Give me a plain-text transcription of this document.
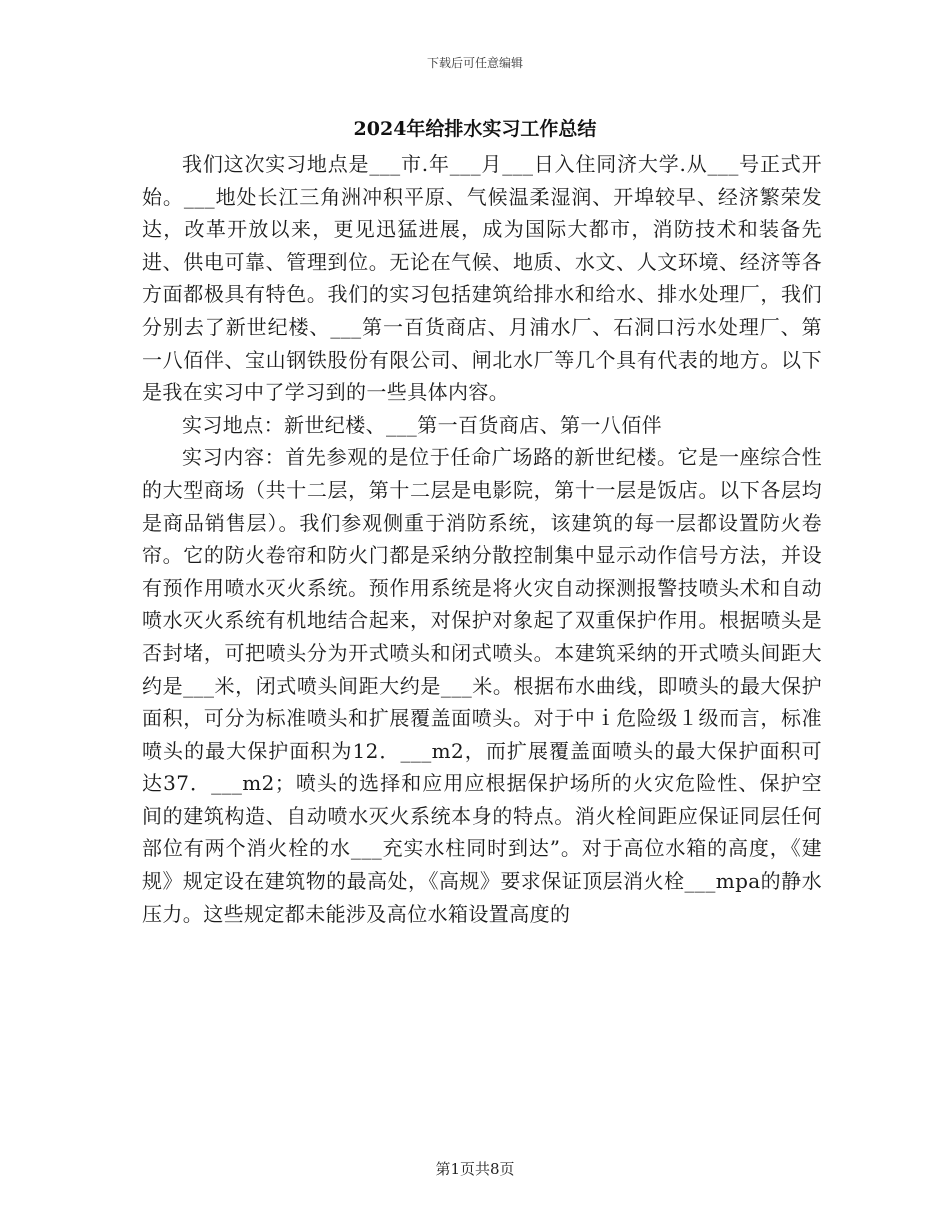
下载后可任意编辑
2024年给排水实习工作总结

我们这次实习地点是___市.年___月___日入住同济大学.从___号正式开始。___地处长江三角洲冲积平原、气候温柔湿润、开埠较早、经济繁荣发达，改革开放以来，更见迅猛进展，成为国际大都市，消防技术和装备先进、供电可靠、管理到位。无论在气候、地质、水文、人文环境、经济等各方面都极具有特色。我们的实习包括建筑给排水和给水、排水处理厂，我们分别去了新世纪楼、___第一百货商店、月浦水厂、石洞口污水处理厂、第一八佰伴、宝山钢铁股份有限公司、闸北水厂等几个具有代表的地方。以下是我在实习中了学习到的一些具体内容。

实习地点：新世纪楼、___第一百货商店、第一八佰伴

实习内容：首先参观的是位于任命广场路的新世纪楼。它是一座综合性的大型商场（共十二层，第十二层是电影院，第十一层是饭店。以下各层均是商品销售层）。我们参观侧重于消防系统，该建筑的每一层都设置防火卷帘。它的防火卷帘和防火门都是采纳分散控制集中显示动作信号方法，并设有预作用喷水灭火系统。预作用系统是将火灾自动探测报警技喷头术和自动喷水灭火系统有机地结合起来，对保护对象起了双重保护作用。根据喷头是否封堵，可把喷头分为开式喷头和闭式喷头。本建筑采纳的开式喷头间距大约是___米，闭式喷头间距大约是___米。根据布水曲线，即喷头的最大保护面积，可分为标准喷头和扩展覆盖面喷头。对于中ｉ危险级１级而言，标准喷头的最大保护面积为12．___m2，而扩展覆盖面喷头的最大保护面积可达37．___m2；喷头的选择和应用应根据保护场所的火灾危险性、保护空间的建筑构造、自动喷水灭火系统本身的特点。消火栓间距应保证同层任何部位有两个消火栓的水___充实水柱同时到达”。对于高位水箱的高度，《建规》规定设在建筑物的最高处，《高规》要求保证顶层消火栓___mpa的静水压力。这些规定都未能涉及高位水箱设置高度的

第1页共8页
